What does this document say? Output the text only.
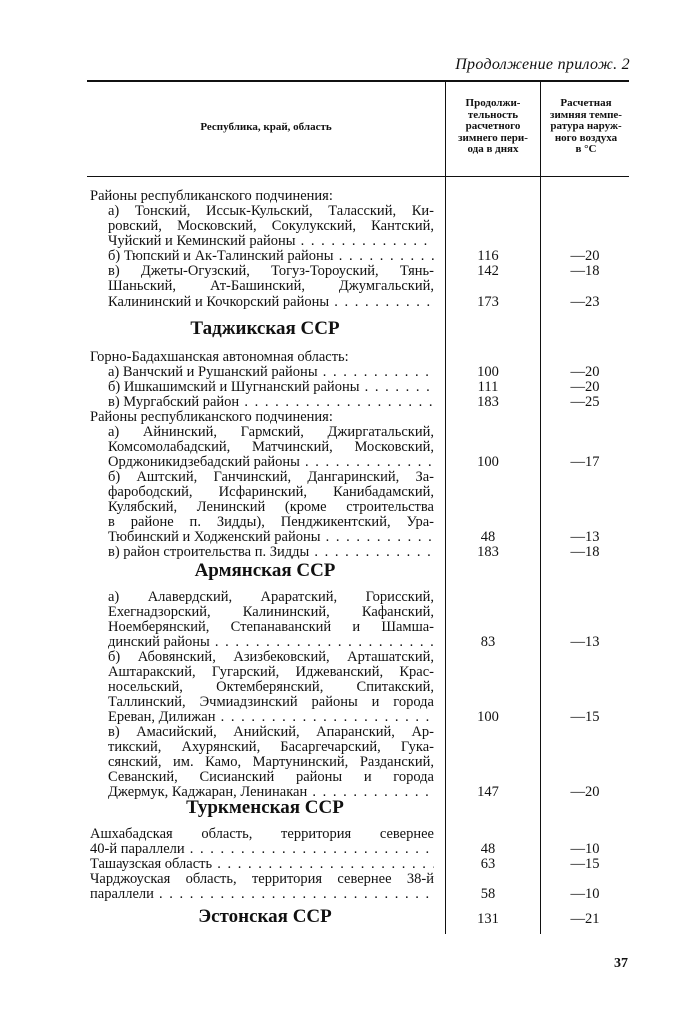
Продолжение прилож. 2
Республика, край, область
Продолжи-
тельность
расчетного
зимнего пери-
ода в днях
Расчетная
зимняя темпе-
ратура наруж-
ного воздуха
в °С
Таджикская ССР
Армянская ССР
Туркменская ССР
Эстонская ССР
Районы республиканского подчинения:
а) Тонский, Иссык-Кульский, Таласский, Ки-
ровский, Московский, Сокулукский, Кантский,
Чуйский и Кеминский районы . . .
б) Тюпский и Ак-Талинский районы . . .	116	—20
в) Джеты-Огузский, Тогуз-Тороуский, Тянь-	142	—18
Шаньский, Ат-Башинский, Джумгальский,
Калининский и Кочкорский районы . . .	173	—23
Горно-Бадахшанская автономная область:
а) Ванчский и Рушанский районы . . .	100	—20
б) Ишкашимский и Шугнанский районы . . .	111	—20
в) Мургабский район . . .	183	—25
Районы республиканского подчинения:
а) Айнинский, Гармский, Джиргатальский,
Комсомолабадский, Матчинский, Московский,
Орджоникидзебадский районы . . .	100	—17
б) Аштский, Ганчинский, Дангаринский, За-
фарободский, Исфаринский, Канибадамский,
Кулябский, Ленинский (кроме строительства
в районе п. Зидды), Пенджикентский, Ура-
Тюбинский и Ходженский районы . . .	48	—13
в) район строительства п. Зидды . . .	183	—18
а) Алавердский, Араратский, Горисский,
Ехегнадзорский, Калининский, Кафанский,
Ноемберянский, Степанаванский и Шамша-
динский районы . . .	83	—13
б) Абовянский, Азизбековский, Арташатский,
Аштаракский, Гугарский, Иджеванский, Крас-
носельский, Октемберянский, Спитакский,
Таллинский, Эчмиадзинский районы и города
Ереван, Дилижан . . .	100	—15
в) Амасийский, Анийский, Апаранский, Ар-
тикский, Ахурянский, Басаргечарский, Гука-
сянский, им. Камо, Мартунинский, Разданский,
Севанский, Сисианский районы и города
Джермук, Каджаран, Ленинакан . . .	147	—20
Ашхабадская область, территория севернее
40-й параллели . . .	48	—10
Ташаузская область . . .	63	—15
Чарджоуская область, территория севернее 38-й
параллели . . .	58	—10
131	—21
37
